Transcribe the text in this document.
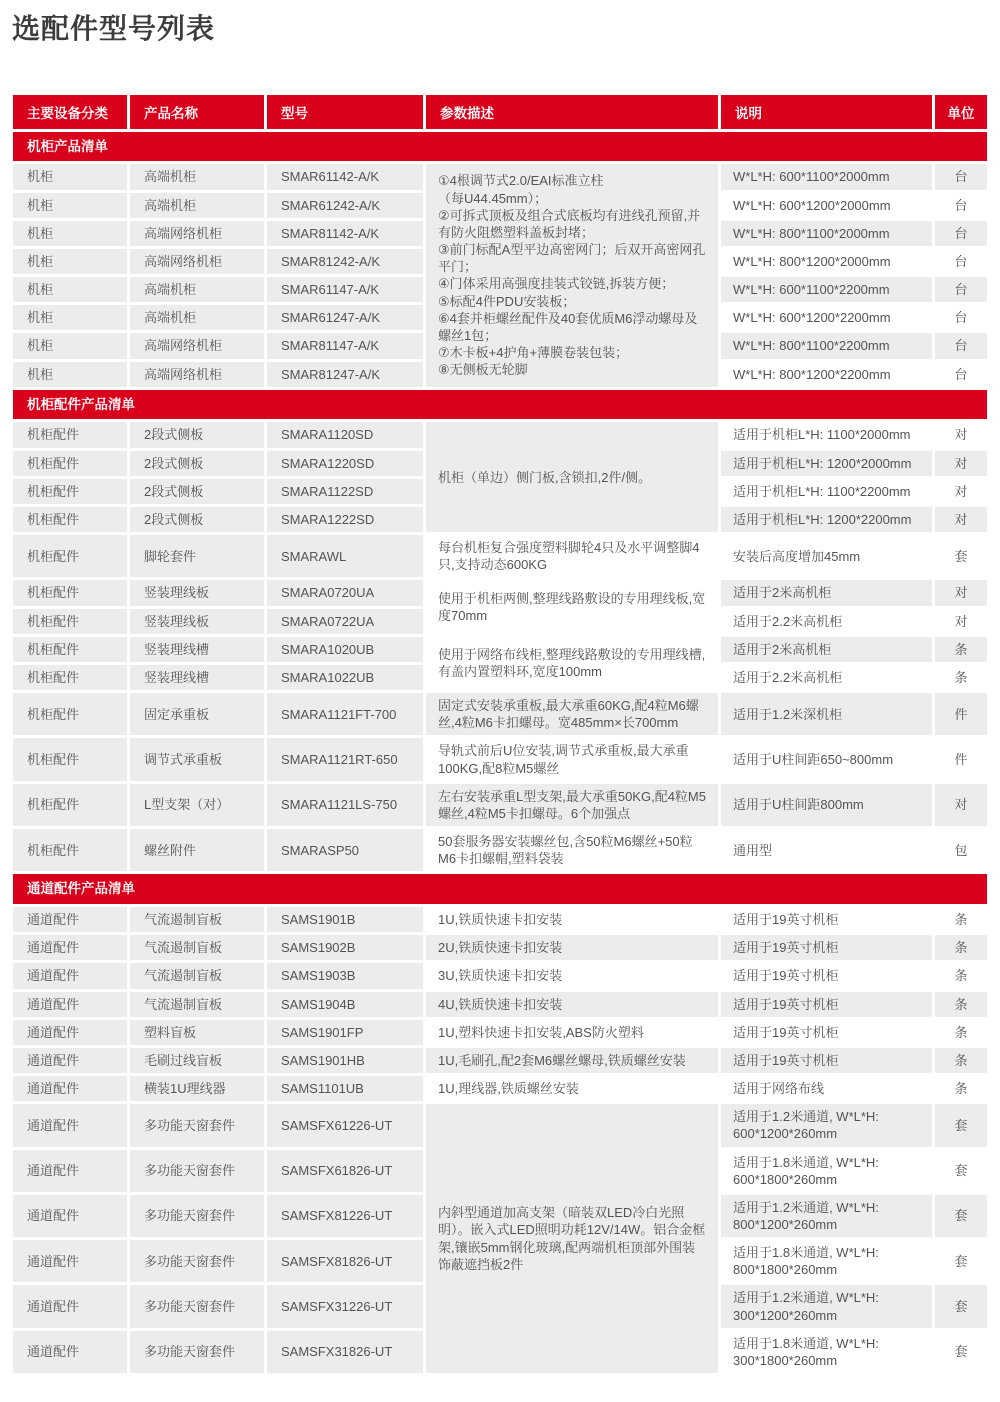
选配件型号列表
主要设备分类	产品名称	型号	参数描述	说明	单位
机柜产品清单					
机柜	高端机柜	SMAR61142-A/K	①4根调节式2.0/EAI标准立柱
（每U44.45mm）；
②可拆式顶板及组合式底板均有进线孔预留,并有防火阻燃塑料盖板封堵；
③前门标配A型平边高密网门；后双开高密网孔平门；
④门体采用高强度挂装式铰链,拆装方便；
⑤标配4件PDU安装板；
⑥4套并柜螺丝配件及40套优质M6浮动螺母及螺丝1包；
⑦木卡板+4护角+薄膜卷装包装；
⑧无侧板无轮脚	W*L*H: 600*1100*2000mm	台
机柜	高端机柜	SMAR61242-A/K		W*L*H: 600*1200*2000mm	台
机柜	高端网络机柜	SMAR81142-A/K		W*L*H: 800*1100*2000mm	台
机柜	高端网络机柜	SMAR81242-A/K		W*L*H: 800*1200*2000mm	台
机柜	高端机柜	SMAR61147-A/K		W*L*H: 600*1100*2200mm	台
机柜	高端机柜	SMAR61247-A/K		W*L*H: 600*1200*2200mm	台
机柜	高端网络机柜	SMAR81147-A/K		W*L*H: 800*1100*2200mm	台
机柜	高端网络机柜	SMAR81247-A/K		W*L*H: 800*1200*2200mm	台
机柜配件产品清单					
机柜配件	2段式侧板	SMARA1120SD	机柜（单边）侧门板,含锁扣,2件/侧。	适用于机柜L*H: 1100*2000mm	对
机柜配件	2段式侧板	SMARA1220SD		适用于机柜L*H: 1200*2000mm	对
机柜配件	2段式侧板	SMARA1122SD		适用于机柜L*H: 1100*2200mm	对
机柜配件	2段式侧板	SMARA1222SD		适用于机柜L*H: 1200*2200mm	对
机柜配件	脚轮套件	SMARAWL	每台机柜复合强度塑料脚轮4只及水平调整脚4只,支持动态600KG	安装后高度增加45mm	套
机柜配件	竖装理线板	SMARA0720UA	使用于机柜两侧,整理线路敷设的专用理线板,宽度70mm	适用于2米高机柜	对
机柜配件	竖装理线板	SMARA0722UA		适用于2.2米高机柜	对
机柜配件	竖装理线槽	SMARA1020UB	使用于网络布线柜,整理线路敷设的专用理线槽,有盖内置塑料环,宽度100mm	适用于2米高机柜	条
机柜配件	竖装理线槽	SMARA1022UB		适用于2.2米高机柜	条
机柜配件	固定承重板	SMARA1121FT-700	固定式安装承重板,最大承重60KG,配4粒M6螺丝,4粒M6卡扣螺母。宽485mm×长700mm	适用于1.2米深机柜	件
机柜配件	调节式承重板	SMARA1121RT-650	导轨式前后U位安装,调节式承重板,最大承重100KG,配8粒M5螺丝	适用于U柱间距650~800mm	件
机柜配件	L型支架（对）	SMARA1121LS-750	左右安装承重L型支架,最大承重50KG,配4粒M5螺丝,4粒M5卡扣螺母。6个加强点	适用于U柱间距800mm	对
机柜配件	螺丝附件	SMARASP50	50套服务器安装螺丝包,含50粒M6螺丝+50粒M6卡扣螺帽,塑料袋装	通用型	包
通道配件产品清单					
通道配件	气流遏制盲板	SAMS1901B	1U,铁质快速卡扣安装	适用于19英寸机柜	条
通道配件	气流遏制盲板	SAMS1902B	2U,铁质快速卡扣安装	适用于19英寸机柜	条
通道配件	气流遏制盲板	SAMS1903B	3U,铁质快速卡扣安装	适用于19英寸机柜	条
通道配件	气流遏制盲板	SAMS1904B	4U,铁质快速卡扣安装	适用于19英寸机柜	条
通道配件	塑料盲板	SAMS1901FP	1U,塑料快速卡扣安装,ABS防火塑料	适用于19英寸机柜	条
通道配件	毛刷过线盲板	SAMS1901HB	1U,毛刷孔,配2套M6螺丝螺母,铁质螺丝安装	适用于19英寸机柜	条
通道配件	横装1U理线器	SAMS1101UB	1U,理线器,铁质螺丝安装	适用于网络布线	条
通道配件	多功能天窗套件	SAMSFX61226-UT	内斜型通道加高支架（暗装双LED冷白光照明）。嵌入式LED照明功耗12V/14W。铝合金框架,镶嵌5mm钢化玻璃,配两端机柜顶部外围装饰蔽遮挡板2件	适用于1.2米通道, W*L*H: 600*1200*260mm	套
通道配件	多功能天窗套件	SAMSFX61826-UT		适用于1.8米通道, W*L*H: 600*1800*260mm	套
通道配件	多功能天窗套件	SAMSFX81226-UT		适用于1.2米通道, W*L*H: 800*1200*260mm	套
通道配件	多功能天窗套件	SAMSFX81826-UT		适用于1.8米通道, W*L*H: 800*1800*260mm	套
通道配件	多功能天窗套件	SAMSFX31226-UT		适用于1.2米通道, W*L*H: 300*1200*260mm	套
通道配件	多功能天窗套件	SAMSFX31826-UT		适用于1.8米通道, W*L*H: 300*1800*260mm	套
